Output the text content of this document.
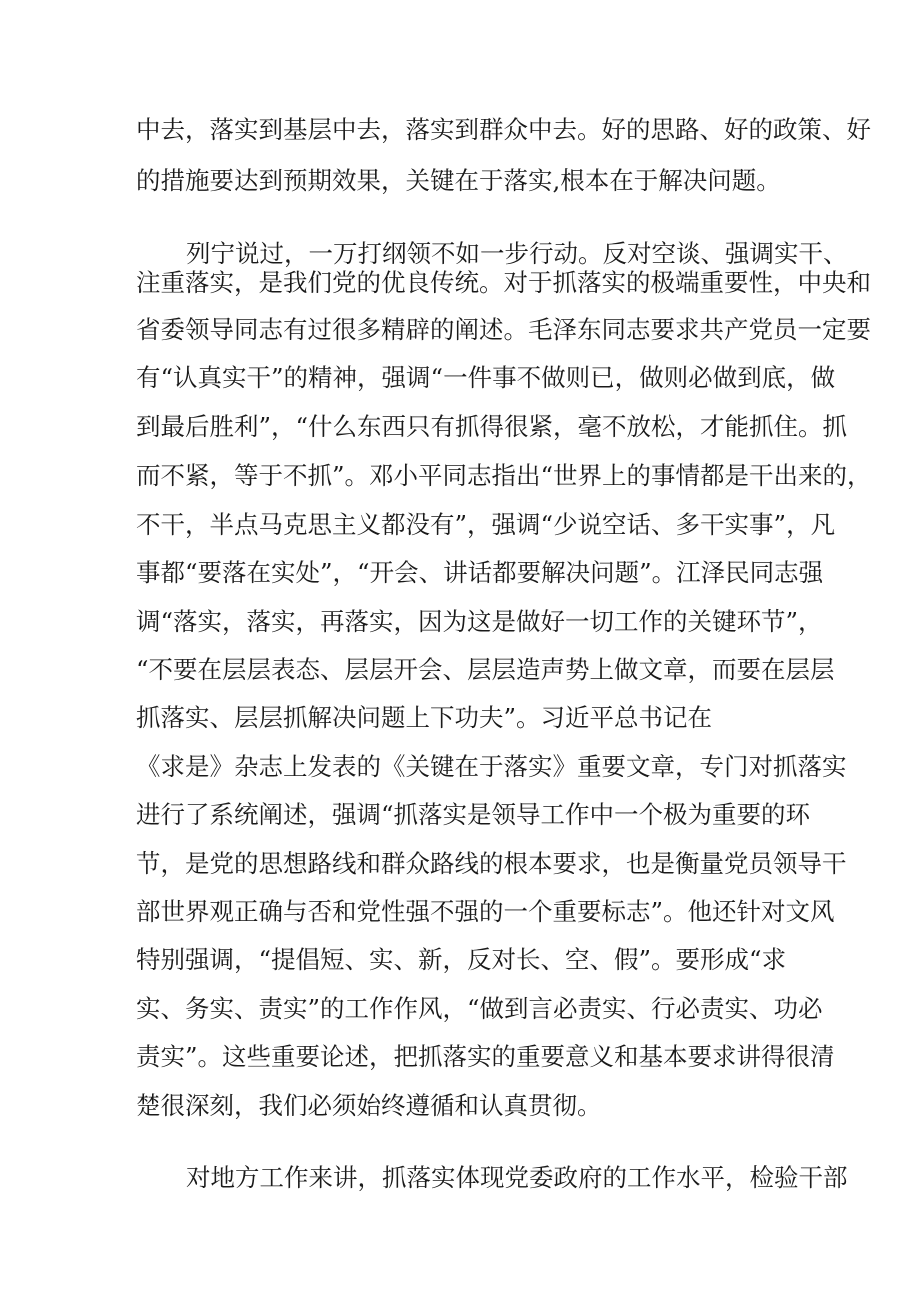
中去，落实到基层中去，落实到群众中去。好的思路、好的政策、好
的措施要达到预期效果，关键在于落实,根本在于解决问题。
列宁说过，一万打纲领不如一步行动。反对空谈、强调实干、
注重落实，是我们党的优良传统。对于抓落实的极端重要性，中央和
省委领导同志有过很多精辟的阐述。毛泽东同志要求共产党员一定要
有“认真实干”的精神，强调“一件事不做则已，做则必做到底，做
到最后胜利”，“什么东西只有抓得很紧，毫不放松，才能抓住。抓
而不紧，等于不抓”。邓小平同志指出“世界上的事情都是干出来的，
不干，半点马克思主义都没有”，强调“少说空话、多干实事”，凡
事都“要落在实处”，“开会、讲话都要解决问题”。江泽民同志强
调“落实，落实，再落实，因为这是做好一切工作的关键环节”，
“不要在层层表态、层层开会、层层造声势上做文章，而要在层层
抓落实、层层抓解决问题上下功夫”。习近平总书记在
《求是》杂志上发表的《关键在于落实》重要文章，专门对抓落实
进行了系统阐述，强调“抓落实是领导工作中一个极为重要的环
节，是党的思想路线和群众路线的根本要求，也是衡量党员领导干
部世界观正确与否和党性强不强的一个重要标志”。他还针对文风
特别强调，“提倡短、实、新，反对长、空、假”。要形成“求
实、务实、责实”的工作作风，“做到言必责实、行必责实、功必
责实”。这些重要论述，把抓落实的重要意义和基本要求讲得很清
楚很深刻，我们必须始终遵循和认真贯彻。
对地方工作来讲，抓落实体现党委政府的工作水平，检验干部
